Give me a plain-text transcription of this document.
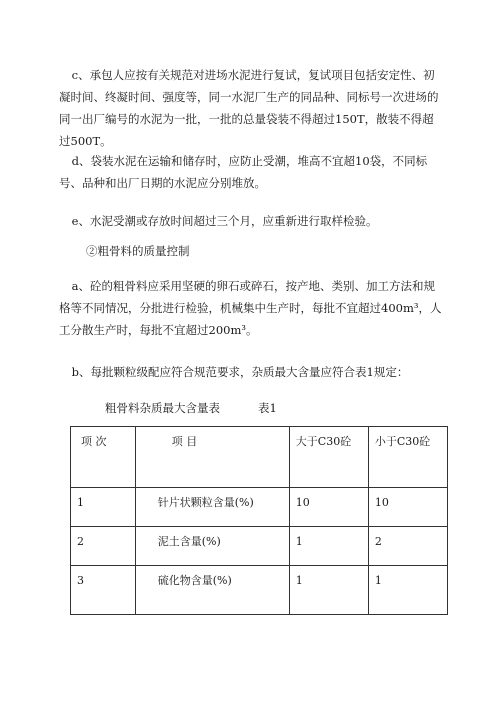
c、承包人应按有关规范对进场水泥进行复试，复试项目包括安定性、初凝时间、终凝时间、强度等，同一水泥厂生产的同品种、同标号一次进场的同一出厂编号的水泥为一批，一批的总量袋装不得超过150T，散装不得超过500T。

d、袋装水泥在运输和储存时，应防止受潮，堆高不宜超10袋，不同标号、品种和出厂日期的水泥应分别堆放。

e、水泥受潮或存放时间超过三个月，应重新进行取样检验。

②粗骨料的质量控制

a、砼的粗骨料应采用坚硬的卵石或碎石，按产地、类别、加工方法和规格等不同情况，分批进行检验，机械集中生产时，每批不宜超过400m³，人工分散生产时，每批不宜超过200m³。

b、每批颗粒级配应符合规范要求，杂质最大含量应符合表1规定：

粗骨料杂质最大含量表	表1

项 次	项 目	大于C30砼	小于C30砼
1	针片状颗粒含量(%)	10	10
2	泥土含量(%)	1	2
3	硫化物含量(%)	1	1
